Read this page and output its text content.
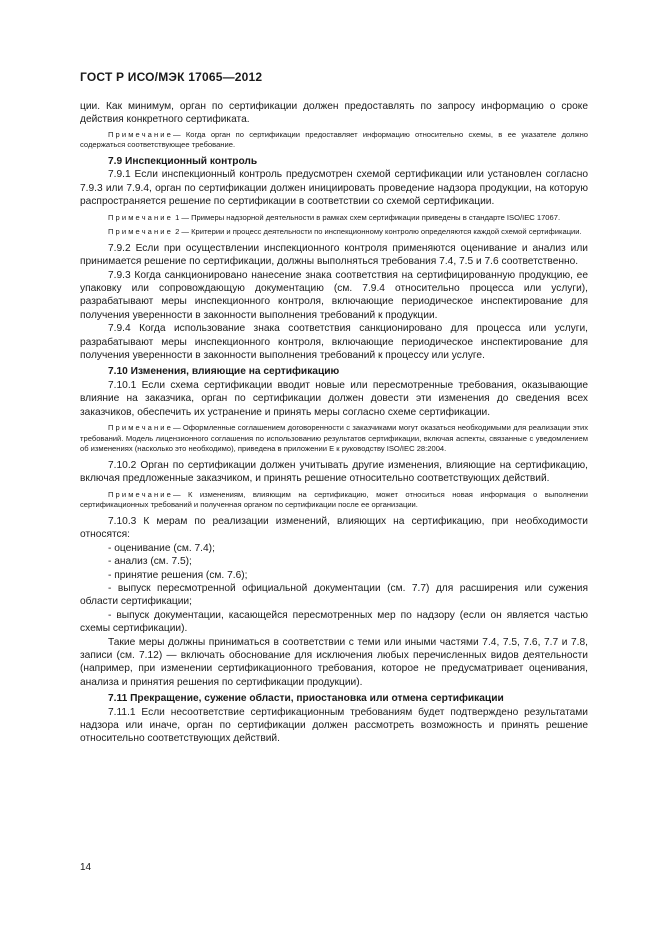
ГОСТ Р ИСО/МЭК 17065—2012

ции. Как минимум, орган по сертификации должен предоставлять по запросу информацию о сроке действия конкретного сертификата.

Примечание— Когда орган по сертификации предоставляет информацию относительно схемы, в ее указателе должно содержаться соответствующее требование.

7.9 Инспекционный контроль

7.9.1 Если инспекционный контроль предусмотрен схемой сертификации или установлен согласно 7.9.3 или 7.9.4, орган по сертификации должен инициировать проведение надзора продукции, на которую распространяется решение по сертификации в соответствии со схемой сертификации.

Примечание 1 — Примеры надзорной деятельности в рамках схем сертификации приведены в стандарте ISO/IEC 17067.

Примечание 2 — Критерии и процесс деятельности по инспекционному контролю определяются каждой схемой сертификации.

7.9.2 Если при осуществлении инспекционного контроля применяются оценивание и анализ или принимается решение по сертификации, должны выполняться требования 7.4, 7.5 и 7.6 соответственно.

7.9.3 Когда санкционировано нанесение знака соответствия на сертифицированную продукцию, ее упаковку или сопровождающую документацию (см. 7.9.4 относительно процесса или услуги), разрабатывают меры инспекционного контроля, включающие периодическое инспектирование для получения уверенности в законности выполнения требований к продукции.

7.9.4 Когда использование знака соответствия санкционировано для процесса или услуги, разрабатывают меры инспекционного контроля, включающие периодическое инспектирование для получения уверенности в законности выполнения требований к процессу или услуге.

7.10 Изменения, влияющие на сертификацию

7.10.1 Если схема сертификации вводит новые или пересмотренные требования, оказывающие влияние на заказчика, орган по сертификации должен довести эти изменения до сведения всех заказчиков, обеспечить их устранение и принять меры согласно схеме сертификации.

Примечание— Оформленные соглашением договоренности с заказчиками могут оказаться необходимыми для реализации этих требований. Модель лицензионного соглашения по использованию результатов сертификации, включая аспекты, связанные с уведомлением об изменениях (насколько это необходимо), приведена в приложении Е к руководству ISO/IEC 28:2004.

7.10.2 Орган по сертификации должен учитывать другие изменения, влияющие на сертификацию, включая предложенные заказчиком, и принять решение относительно соответствующих действий.

Примечание— К изменениям, влияющим на сертификацию, может относиться новая информация о выполнении сертификационных требований и полученная органом по сертификации после ее организации.

7.10.3 К мерам по реализации изменений, влияющих на сертификацию, при необходимости относятся:

- оценивание (см. 7.4);

- анализ (см. 7.5);

- принятие решения (см. 7.6);

- выпуск пересмотренной официальной документации (см. 7.7) для расширения или сужения области сертификации;

- выпуск документации, касающейся пересмотренных мер по надзору (если он является частью схемы сертификации).

Такие меры должны приниматься в соответствии с теми или иными частями 7.4, 7.5, 7.6, 7.7 и 7.8, записи (см. 7.12) — включать обоснование для исключения любых перечисленных видов деятельности (например, при изменении сертификационного требования, которое не предусматривает оценивания, анализа и принятия решения по сертификации продукции).

7.11 Прекращение, сужение области, приостановка или отмена сертификации

7.11.1 Если несоответствие сертификационным требованиям будет подтверждено результатами надзора или иначе, орган по сертификации должен рассмотреть возможность и принять решение относительно соответствующих действий.

14
